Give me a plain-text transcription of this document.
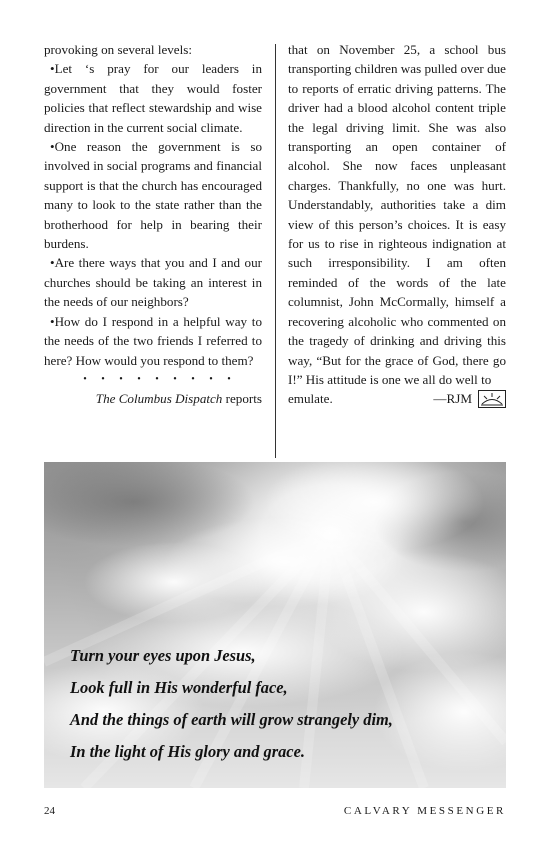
provoking on several levels:

•Let ‘s pray for our leaders in government that they would foster policies that reflect stewardship and wise direction in the current social climate.

•One reason the government is so involved in social programs and financial support is that the church has encouraged many to look to the state rather than the brotherhood for help in bearing their burdens.

•Are there ways that you and I and our churches should be taking an interest in the needs of our neighbors?

•How do I respond in a helpful way to the needs of the two friends I referred to here? How would you respond to them?

• • • • • • • • •

The Columbus Dispatch reports

that on November 25, a school bus transporting children was pulled over due to reports of erratic driving patterns. The driver had a blood alcohol content triple the legal driving limit. She was also transporting an open container of alcohol. She now faces unpleasant charges. Thankfully, no one was hurt. Understandably, authorities take a dim view of this person’s choices. It is easy for us to rise in righteous indignation at such irresponsibility. I am often reminded of the words of the late columnist, John McCormally, himself a recovering alcoholic who commented on the tragedy of drinking and driving this way, “But for the grace of God, there go I!” His attitude is one we all do well to

emulate.	—RJM

Turn your eyes upon Jesus,
Look full in His wonderful face,
And the things of earth will grow strangely dim,
In the light of His glory and grace.
24	CALVARY MESSENGER
